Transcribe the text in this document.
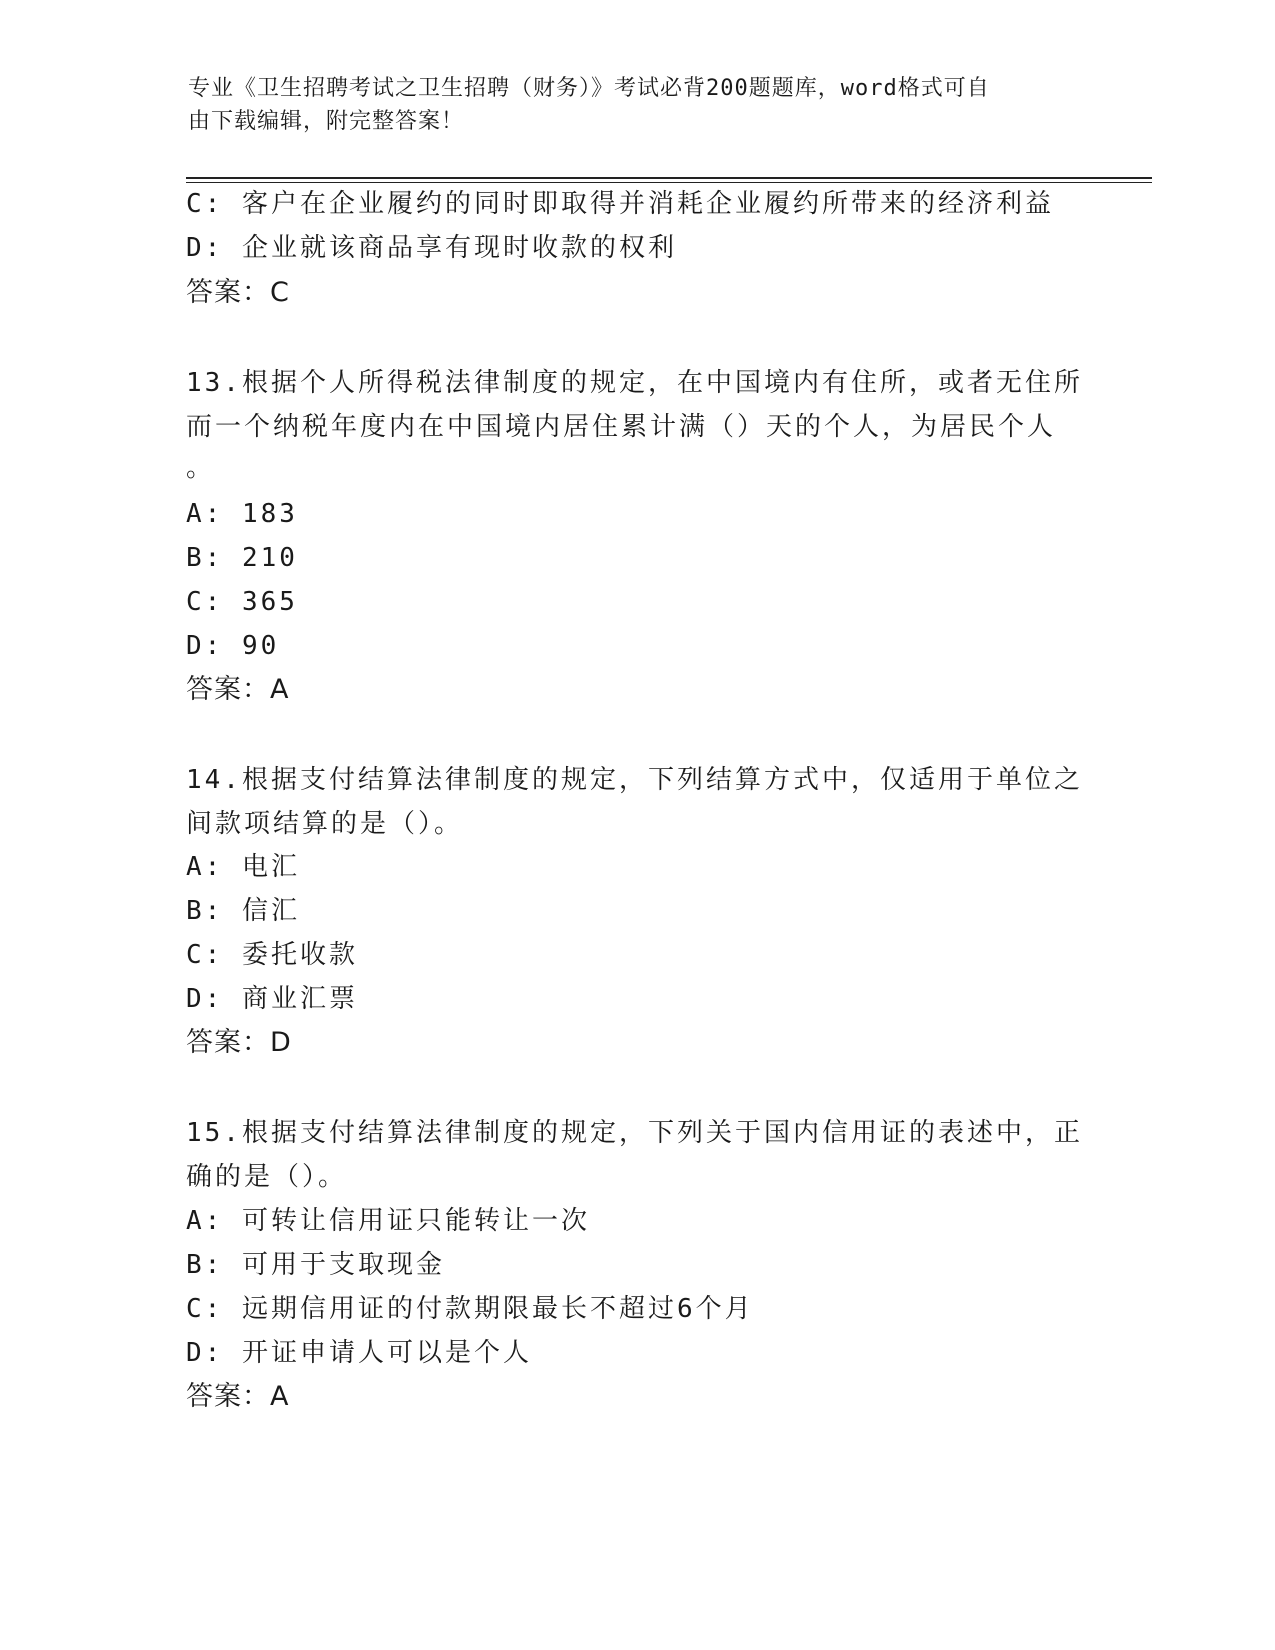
专业《卫生招聘考试之卫生招聘（财务）》考试必背200题题库，word格式可自
由下载编辑，附完整答案！
C: 客户在企业履约的同时即取得并消耗企业履约所带来的经济利益
D: 企业就该商品享有现时收款的权利
答案：C
13.根据个人所得税法律制度的规定，在中国境内有住所，或者无住所
而一个纳税年度内在中国境内居住累计满（）天的个人，为居民个人
。
A: 183
B: 210
C: 365
D: 90
答案：A
14.根据支付结算法律制度的规定，下列结算方式中，仅适用于单位之
间款项结算的是（）。
A: 电汇
B: 信汇
C: 委托收款
D: 商业汇票
答案：D
15.根据支付结算法律制度的规定，下列关于国内信用证的表述中，正
确的是（）。
A: 可转让信用证只能转让一次
B: 可用于支取现金
C: 远期信用证的付款期限最长不超过6个月
D: 开证申请人可以是个人
答案：A
